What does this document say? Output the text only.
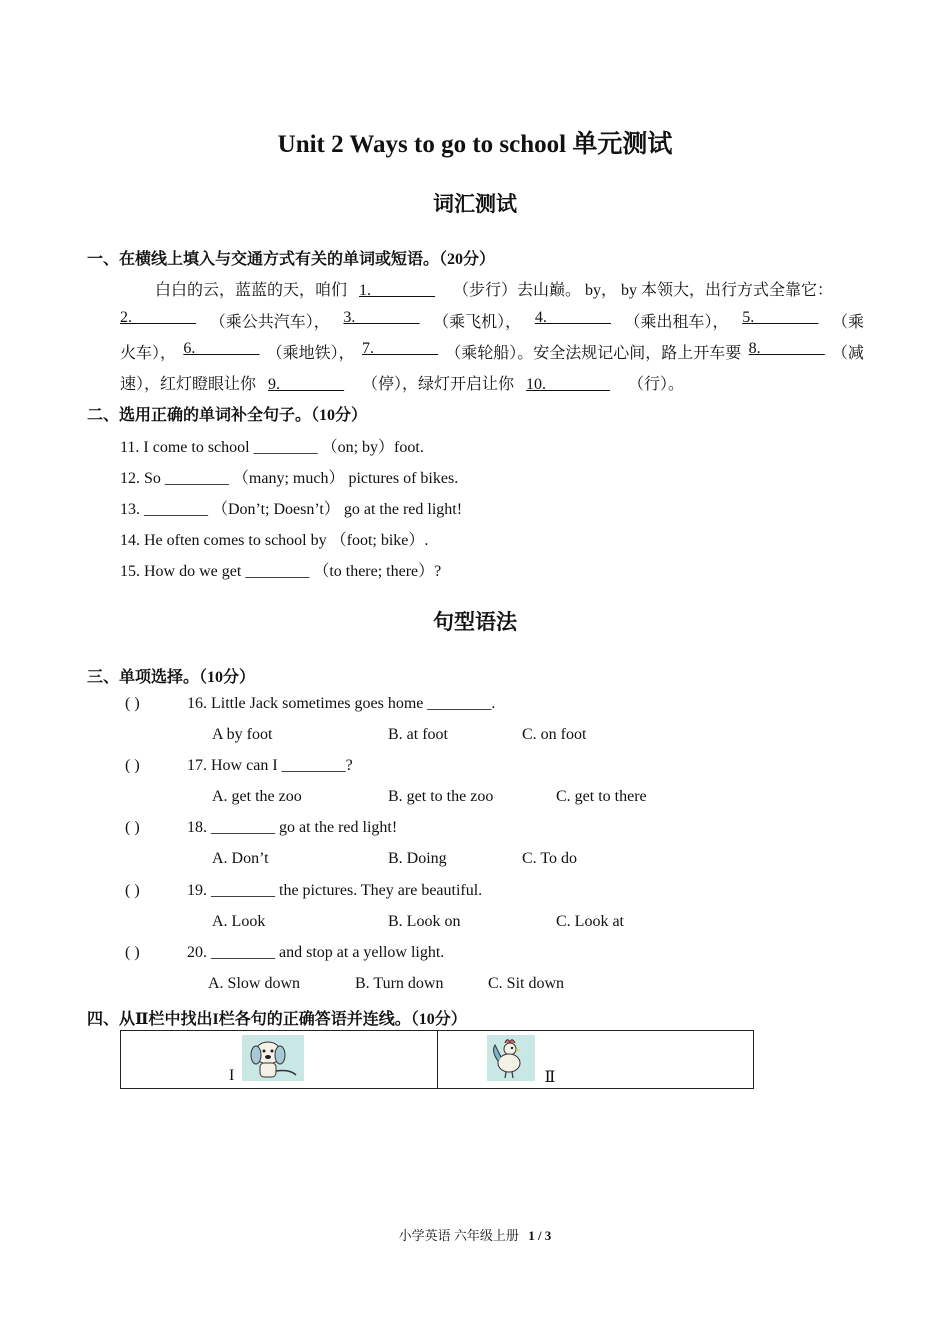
Unit 2 Ways to go to school 单元测试
词汇测试
一、在横线上填入与交通方式有关的单词或短语。（20分）
白白的云，蓝蓝的天，咱们 1.________ （步行）去山巅。 by， by 本领大，出行方式全靠它：
2.________ （乘公共汽车）， 3.________ （乘飞机）， 4.________ （乘出租车）， 5.________ （乘
火车）， 6.________ （乘地铁）， 7.________ （乘轮船）。安全法规记心间，路上开车要 8.________ （减
速），红灯瞪眼让你 9.________ （停），绿灯开启让你 10.________ （行）。
二、选用正确的单词补全句子。（10分）
11. I come to school ________ （on; by）foot.
12. So ________ （many; much） pictures of bikes.
13. ________ （Don’t; Doesn’t） go at the red light!
14. He often comes to school by （foot; bike）.
15. How do we get ________ （to there; there）?
句型语法
三、单项选择。（10分）
( )	16. Little Jack sometimes goes home ________.
A by foot	B. at foot	C. on foot
( )	17. How can I ________?
A. get the zoo	B. get to the zoo	C. get to there
( )	18. ________ go at the red light!
A. Don’t	B. Doing	C. To do
( )	19. ________ the pictures. They are beautiful.
A. Look	B. Look on	C. Look at
( )	20. ________ and stop at a yellow light.
A. Slow down	B. Turn down	C. Sit down
四、从Ⅱ栏中找出I栏各句的正确答语并连线。（10分）
I	Ⅱ
小学英语 六年级上册 1 / 3
